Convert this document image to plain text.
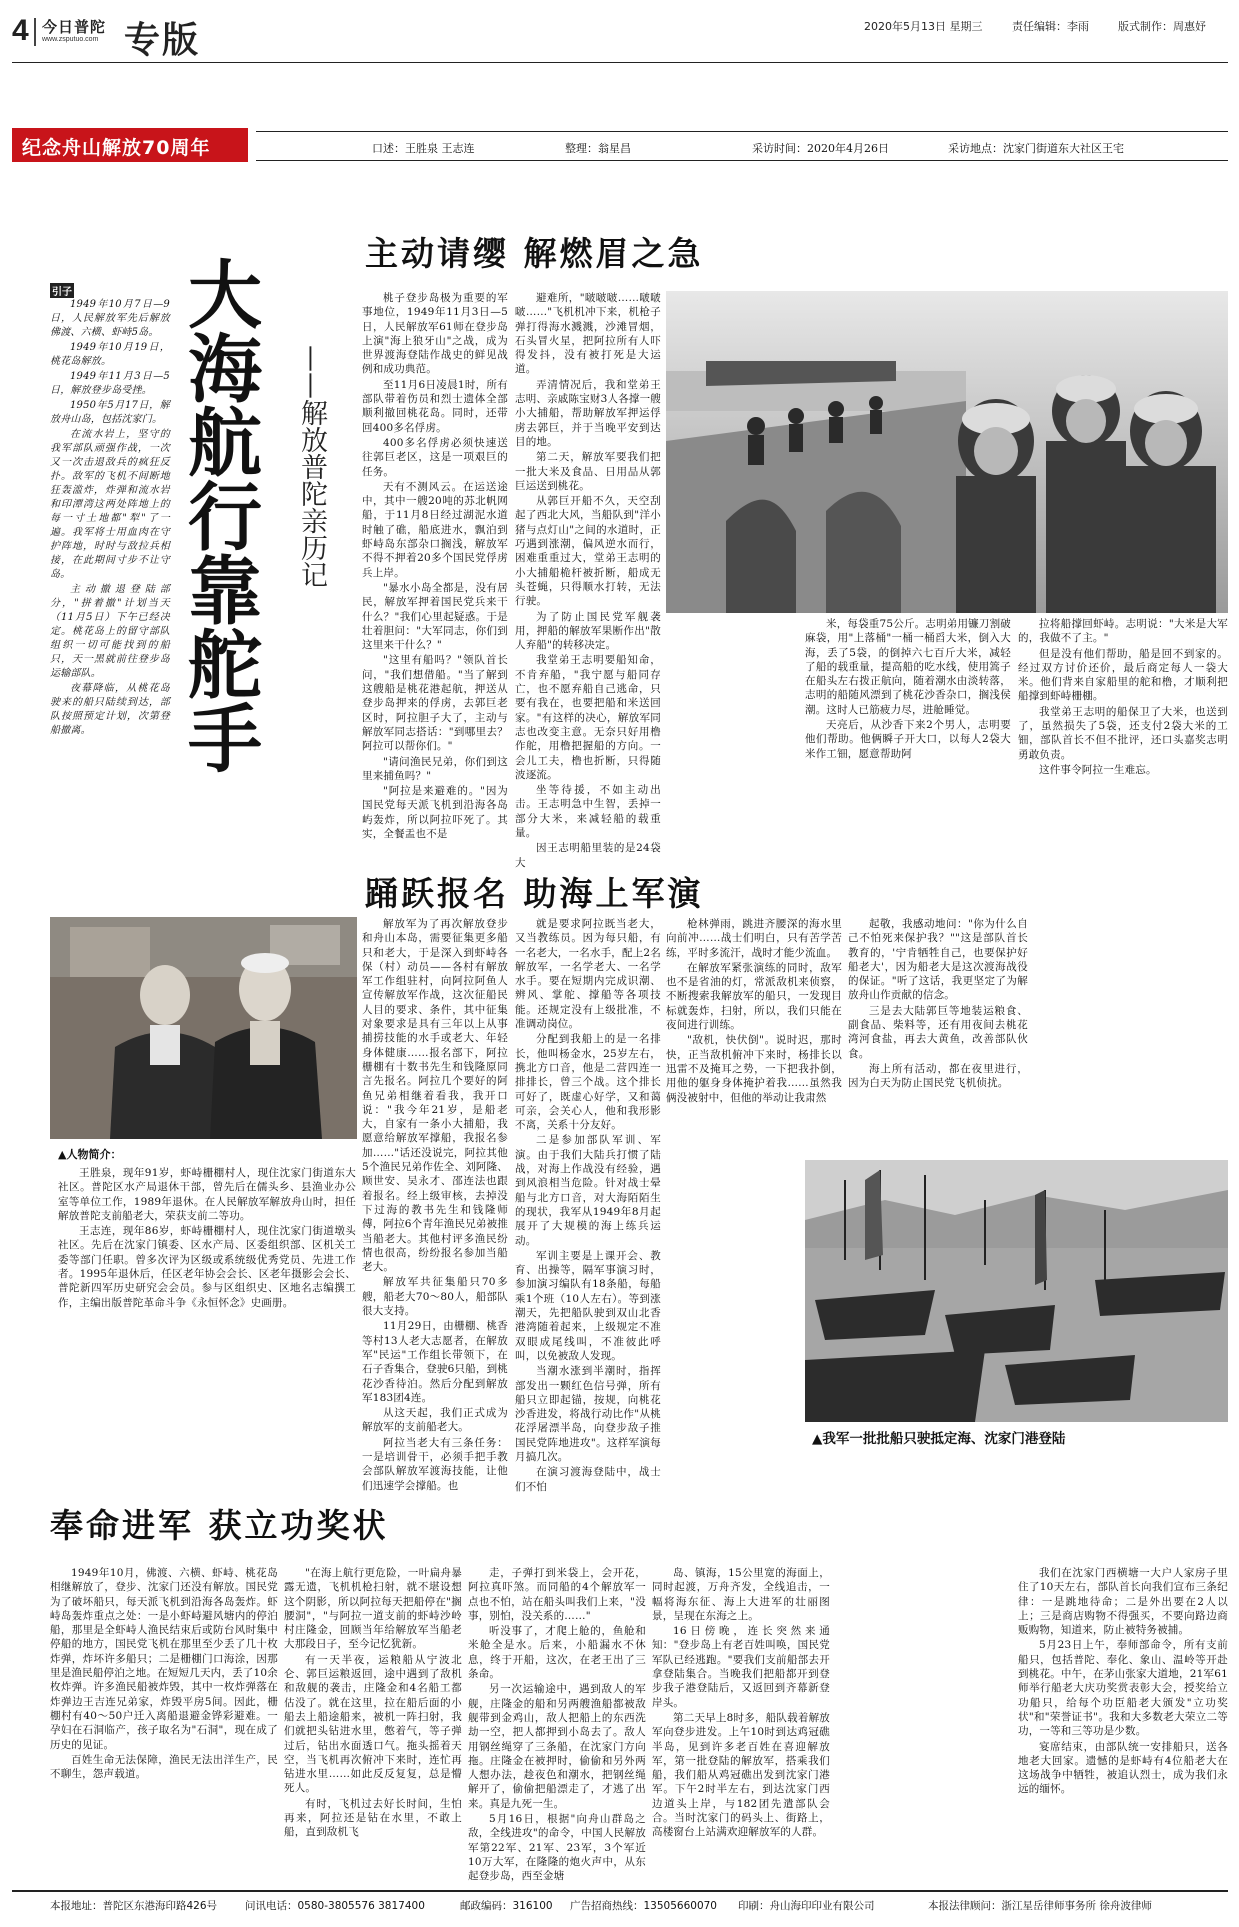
4 今日普陀
www.zsputuo.com 专版	2020年5月13日 星期三	责任编辑：李雨	版式制作：周惠妤
纪念舟山解放70周年	口述：王胜泉 王志连	整理：翁星昌	采访时间：2020年4月26日	采访地点：沈家门街道东大社区王宅
引子

1949年10月7日—9日，人民解放军先后解放佛渡、六横、虾峙5岛。

1949年10月19日，桃花岛解放。

1949年11月3日—5日，解放登步岛受挫。

1950年5月17日，解放舟山岛，包括沈家门。

在流水岩上，坚守的我军部队顽强作战，一次又一次击退敌兵的疯狂反扑。敌军的飞机不间断地狂轰滥炸，炸弹和流水岩和印潭湾这两处阵地上的每一寸土地都"犁"了一遍。我军将士用血肉在守护阵地，时时与敌拉兵相接，在此期间寸步不让守岛。

主动撤退登陆部分，"拼着撤"计划当天（11月5日）下午已经决定。桃花岛上的留守部队组织一切可能找到的船只，天一黑就前往登步岛运输部队。

夜幕降临，从桃花岛驶来的船只陆续到达，部队按照预定计划，次第登船撤离。	大海航行靠舵手 ——解放普陀亲历记
主动请缨 解燃眉之急

桃子登步岛极为重要的军事地位，1949年11月3日—5日，人民解放军61师在登步岛上演"海上狼牙山"之战，成为世界渡海登陆作战史的鲜见战例和成功典范。

至11月6日凌晨1时，所有部队带着伤员和烈士遗体全部顺利撤回桃花岛。同时，还带回400多名俘虏。

400多名俘虏必须快速送往郭巨老区，这是一项艰巨的任务。

天有不测风云。在运送途中，其中一艘20吨的苏北帆网船，于11月8日经过湖泥水道时触了礁，船底进水，飘泊到虾峙岛东部杂口搁浅，解放军不得不押着20多个国民党俘虏兵上岸。

"暴水小岛全都是，没有居民，解放军押着国民党兵来干什么？"我们心里起疑惑。于是壮着胆问："大军同志，你们到这里来干什么？"

"这里有船吗？"领队首长问，"我们想借船。"当了解到这艘船是桃花港起航，押送从登步岛押来的俘虏，去郭巨老区时，阿拉胆子大了，主动与解放军同志搭话："到哪里去？阿拉可以帮你们。"

"请问渔民兄弟，你们到这里来捕鱼吗？"

"阿拉是来避难的。"因为国民党每天派飞机到沿海各岛屿轰炸，所以阿拉吓死了。其实，全餐盂也不是

避难所，"啵啵啵……啵啵啵……"飞机机冲下来，机枪子弹打得海水溅溅，沙滩冒烟，石头冒火星，把阿拉所有人吓得发抖，没有被打死是大运道。

弄清情况后，我和堂弟王志明、亲戚陈宝财3人各撑一艘小大捕船，帮助解放军押运俘虏去郭巨，并于当晚平安到达目的地。

第二天，解放军要我们把一批大米及食品、日用品从郭巨运送到桃花。

从郭巨开船不久，天空刮起了西北大风，当船队到"洋小猪与点灯山"之间的水道时，正巧遇到涨潮，偏风逆水而行，困难重重过大，堂弟王志明的小大捕船桅杆被折断，船成无头苍蝇，只得顺水打转，无法行驶。

为了防止国民党军舰袭用，押船的解放军果断作出"散人弃船"的转移决定。

我堂弟王志明要船知命，不肯弃船，"我宁愿与船同存亡，也不愿弃船自己逃命，只要有我在，也要把船和米送回家。"有这样的决心，解放军同志也改变主意。无奈只好用橹作舵，用橹把握船的方向。一会儿工夫，橹也折断，只得随波逐流。

坐等待援，不如主动出击。王志明急中生智，丢掉一部分大米，来减轻船的载重量。

因王志明船里装的是24袋大

米，每袋重75公斤。志明弟用镰刀割破麻袋，用"上落桶"一桶一桶舀大米，倒入大海，丢了5袋，的倒掉六七百斤大米，减轻了船的载重量，提高船的吃水线，使用篙子在船头左右拨正航向，随着潮水由淡转落，志明的船随风漂到了桃花沙香杂口，搁浅侯潮。这时人已筋疲力尽，进舱睡觉。

天亮后，从沙香下来2个男人，志明要他们帮助。他俩瞬子开大口，以每人2袋大米作工钿，愿意帮助阿

拉将船撑回虾峙。志明说："大米是大军的，我做不了主。"

但是没有他们帮助，船是回不到家的。经过双方讨价还价，最后商定每人一袋大米。他们背来自家船里的舵和橹，才顺利把船撑到虾峙栅棚。

我堂弟王志明的船保卫了大米，也送到了，虽然损失了5袋，还支付2袋大米的工钿，部队首长不但不批评，还口头嘉奖志明勇敢负责。

这件事令阿拉一生难忘。

踊跃报名 助海上军演
▲人物简介：

王胜泉，现年91岁，虾峙栅棚村人，现住沈家门街道东大社区。普陀区水产局退休干部，曾先后在儒头乡、县渔业办公室等单位工作，1989年退休。在人民解放军解放舟山时，担任解放普陀支前船老大，荣获支前二等功。

王志连，现年86岁，虾峙栅棚村人，现住沈家门街道墩头社区。先后在沈家门镇委、区水产局、区委组织部、区机关工委等部门任职。曾多次评为区级或系统级优秀党员、先进工作者。1995年退休后，任区老年协会会长、区老年摄影会会长、普陀新四军历史研究会会员。参与区组织史、区地名志编撰工作，主编出版普陀革命斗争《永恒怀念》史画册。

解放军为了再次解放登步和舟山本岛，需要征集更多船只和老大，于是深入到虾峙各保（村）动员——各村有解放军工作组驻村，向阿拉阿鱼人宣传解放军作战，这次征船民人目的要求、条件，其中征集对象要求是具有三年以上从事捕捞技能的水手或老大、年轻身体健康……报名部下，阿拉栅棚有十数书先生和钱隆原同言先报名。阿拉几个要好的阿鱼兄弟相继着看我，我开口说："我今年21岁，是船老大，自家有一条小大捕船，我愿意给解放军撑船，我报名参加……"话还没说完，阿拉其他5个渔民兄弟作佐全、刘阿隆、顾世安、吴永才、邵连法也跟着报名。经上级审核，去掉没下过海的教书先生和钱隆师傅，阿拉6个青年渔民兄弟被推当船老大。其他村评多渔民纷情也很高，纷纷报名参加当船老大。

解放军共征集船只70多艘，船老大70～80人，船部队很大支持。

11月29日，由栅棚、桃香等村13人老大志愿者，在解放军"民运"工作组长带领下，在石子香集合，登驶6只船，到桃花沙香待泊。然后分配到解放军183团4连。

从这天起，我们正式成为解放军的支前船老大。

阿拉当老大有三条任务：一是培训骨干，必须手把手教会部队解放军渡海技能，让他们迅速学会撑船。也

就是要求阿拉既当老大，又当教练员。因为每只船，有一名老大，一名水手，配上2名解放军，一名学老大、一名学水手。要在短期内完成识潮、辨风、掌舵、撑船等各项技能。还规定没有上级批准，不准调动岗位。

分配到我船上的是一名排长，他叫杨金水，25岁左右，携北方口音，他是二营四连一排排长，曾三个战。这个排长可好了，既虚心好学，又和蔼可亲，会关心人，他和我形影不离，关系十分友好。

二是参加部队军训、军演。由于我们大陆兵打惯了陆战，对海上作战没有经验，遇到风浪相当危险。针对战士晕船与北方口音，对大海陌陌生的现状，我军从1949年8月起展开了大规模的海上练兵运动。

军训主要是上课开会、教育、出操等，隔军事演习时，参加演习编队有18条船，每船乘1个班（10人左右）。等到涨潮天，先把船队驶到双山北香港湾随着起来，上级规定不准双眼成尾线叫，不准彼此呼叫，以免被敌人发现。

当潮水涨到半潮时，指挥部发出一颗红色信号弹，所有船只立即起锚，按规，向桃花沙香进发，将战行动比作"从桃花浮屠漂半岛，向登步敌子推国民党阵地进攻"。这样军演每月搞几次。

在演习渡海登陆中，战士们不怕

枪林弹雨，跳进齐腰深的海水里向前冲……战士们明白，只有苦学苦练，平时多流汗，战时才能少流血。

在解放军紧张演练的同时，敌军也不是省油的灯，常派敌机来侦察，不断搜索我解放军的船只，一发现目标就轰炸，扫射，所以，我们只能在夜间进行训练。

"敌机，快伏倒"。说时迟，那时快，正当敌机俯冲下来时，杨排长以迅雷不及掩耳之势，一下把我扑倒，用他的躯身身体掩护着我……虽然我俩没被射中，但他的举动让我肃然

起敬，我感动地问："你为什么自己不怕死来保护我？""这是部队首长教育的，'宁肯牺牲自己，也要保护好船老大'，因为船老大是这次渡海战役的保证。"听了这话，我更坚定了为解放舟山作贡献的信念。

三是去大陆郭巨等地装运粮食、副食品、柴料等，还有用夜间去桃花湾河食盐，再去大黄鱼，改善部队伙食。

海上所有活动，都在夜里进行，因为白天为防止国民党飞机侦扰。

▲我军一批批船只驶抵定海、沈家门港登陆
奉命进军 获立功奖状

1949年10月，佛渡、六横、虾峙、桃花岛相继解放了，登步、沈家门还没有解放。国民党为了破坏船只，每天派飞机到沿海各岛轰炸。虾峙岛轰炸重点之处：一是小虾峙避风塘内的停泊船，那里是全虾峙人渔民结束后或防台风时集中停船的地方，国民党飞机在那里至少丢了几十枚炸弹，炸坏许多船只；二是栅棚门口海涂，因那里是渔民船停泊之地。在短短几天内，丢了10余枚炸弹。许多渔民船被炸毁，其中一枚炸弹落在炸弹边王吉连兄弟家，炸毁平房5间。因此，栅棚村有40～50户迁入离船退避金铧彩避难。一孕妇在石洞临产，孩子取名为"石洞"，现在成了历史的见证。

百姓生命无法保障，渔民无法出洋生产，民不聊生，怨声载道。

"在海上航行更危险，一叶扁舟暴露无遗，飞机机枪扫射，就不堪设想这个阴影，所以阿拉每天把船停在"搁腰洞"，"与阿拉一道支前的虾峙沙岭村庄隆金，回顾当年给解放军当船老大那段日子，至今记忆犹新。

有一天半夜，运粮船从宁波北仑、郭巨运粮返回，途中遇到了敌机和敌舰的袭击，庄隆金和4名船工都估没了。就在这里，拉在船后面的小船去上船途船来，被机一阵扫射，我们就把头钻进水里，憋着气，等子弹过后，钻出水面透口气。拖头摇着天空，当飞机再次俯冲下来时，连忙再钻进水里……如此反反复复，总是懵死人。

有时，飞机过去好长时间，生怕再来，阿拉还是钻在水里，不敢上船，直到敌机飞

走，子弹打到米袋上，会开花，阿拉真吓煞。而同船的4个解放军一点也不怕，站在船头叫我们上来，"没事，别怕，没关系的……"

听没事了，才爬上舱的，鱼舱和米舱全是水。后来，小船漏水不休息，终于开船，这次，在老王出了三条命。

另一次运输途中，遇到敌人的军舰，庄隆金的船和另两艘渔船都被敌舰带到金鸡山，敌人把船上的东西洗劫一空，把人都押到小岛去了。敌人用钢丝绳穿了三条船，在沈家门方向拖。庄隆金在被押时，偷偷和另外两人想办法，趁夜色和潮水，把钢丝绳解开了，偷偷把船漂走了，才逃了出来。真是九死一生。

5月16日，根据"向舟山群岛之敌，全线进攻"的命令，中国人民解放军第22军、21军、23军，3个军近10万大军，在隆隆的炮火声中，从东起登步岛，西至金塘

岛、镇海，15公里宽的海面上，同时起渡，万舟齐发，全线追击，一幅将海东征、海上大进军的壮丽图景，呈现在东海之上。

16日傍晚，连长突然来通知："登步岛上有老百姓叫唤，国民党军队已经逃跑。"要我们支前船部去开拿登陆集合。当晚我们把船都开到登步我子港登陆后，又返回到齐幕新登岸头。

第二天早上8时多，船队载着解放军向登步进发。上午10时到达鸡冠礁半岛，见到许多老百姓在喜迎解放军，第一批登陆的解放军，搭乘我们船，我们船从鸡冠礁出发到沈家门港军。下午2时半左右，到达沈家门西边道头上岸，与182团先遣部队会合。当时沈家门的码头上、街路上，高楼窗台上站满欢迎解放军的人群。

我们在沈家门西横塘一大户人家房子里住了10天左右，部队首长向我们宣布三条纪律：一是跳地待命；二是外出要在2人以上；三是商店购物不得强买，不要向路边商贩购物，知道来，防止被特务被捕。

5月23日上午，奉师部命令，所有支前船只，包括普陀、奉化、象山、温岭等开赴到桃花。中午，在茅山张家大道地，21军61师举行船老大庆功奖赏表彰大会，授奖给立功船只，给每个功臣船老大颁发"立功奖状"和"荣誉证书"。我和大多数老大荣立二等功，一等和三等功是少数。

宴席结束，由部队统一安排船只，送各地老大回家。遗憾的是虾峙有4位船老大在这场战争中牺牲，被追认烈士，成为我们永远的缅怀。

本报地址：普陀区东港海印路426号	问讯电话：0580-3805576 3817400	邮政编码：316100 广告招商热线：13505660070 印刷：舟山海印印业有限公司	本报法律顾问：浙江星岳律师事务所 徐舟波律师
